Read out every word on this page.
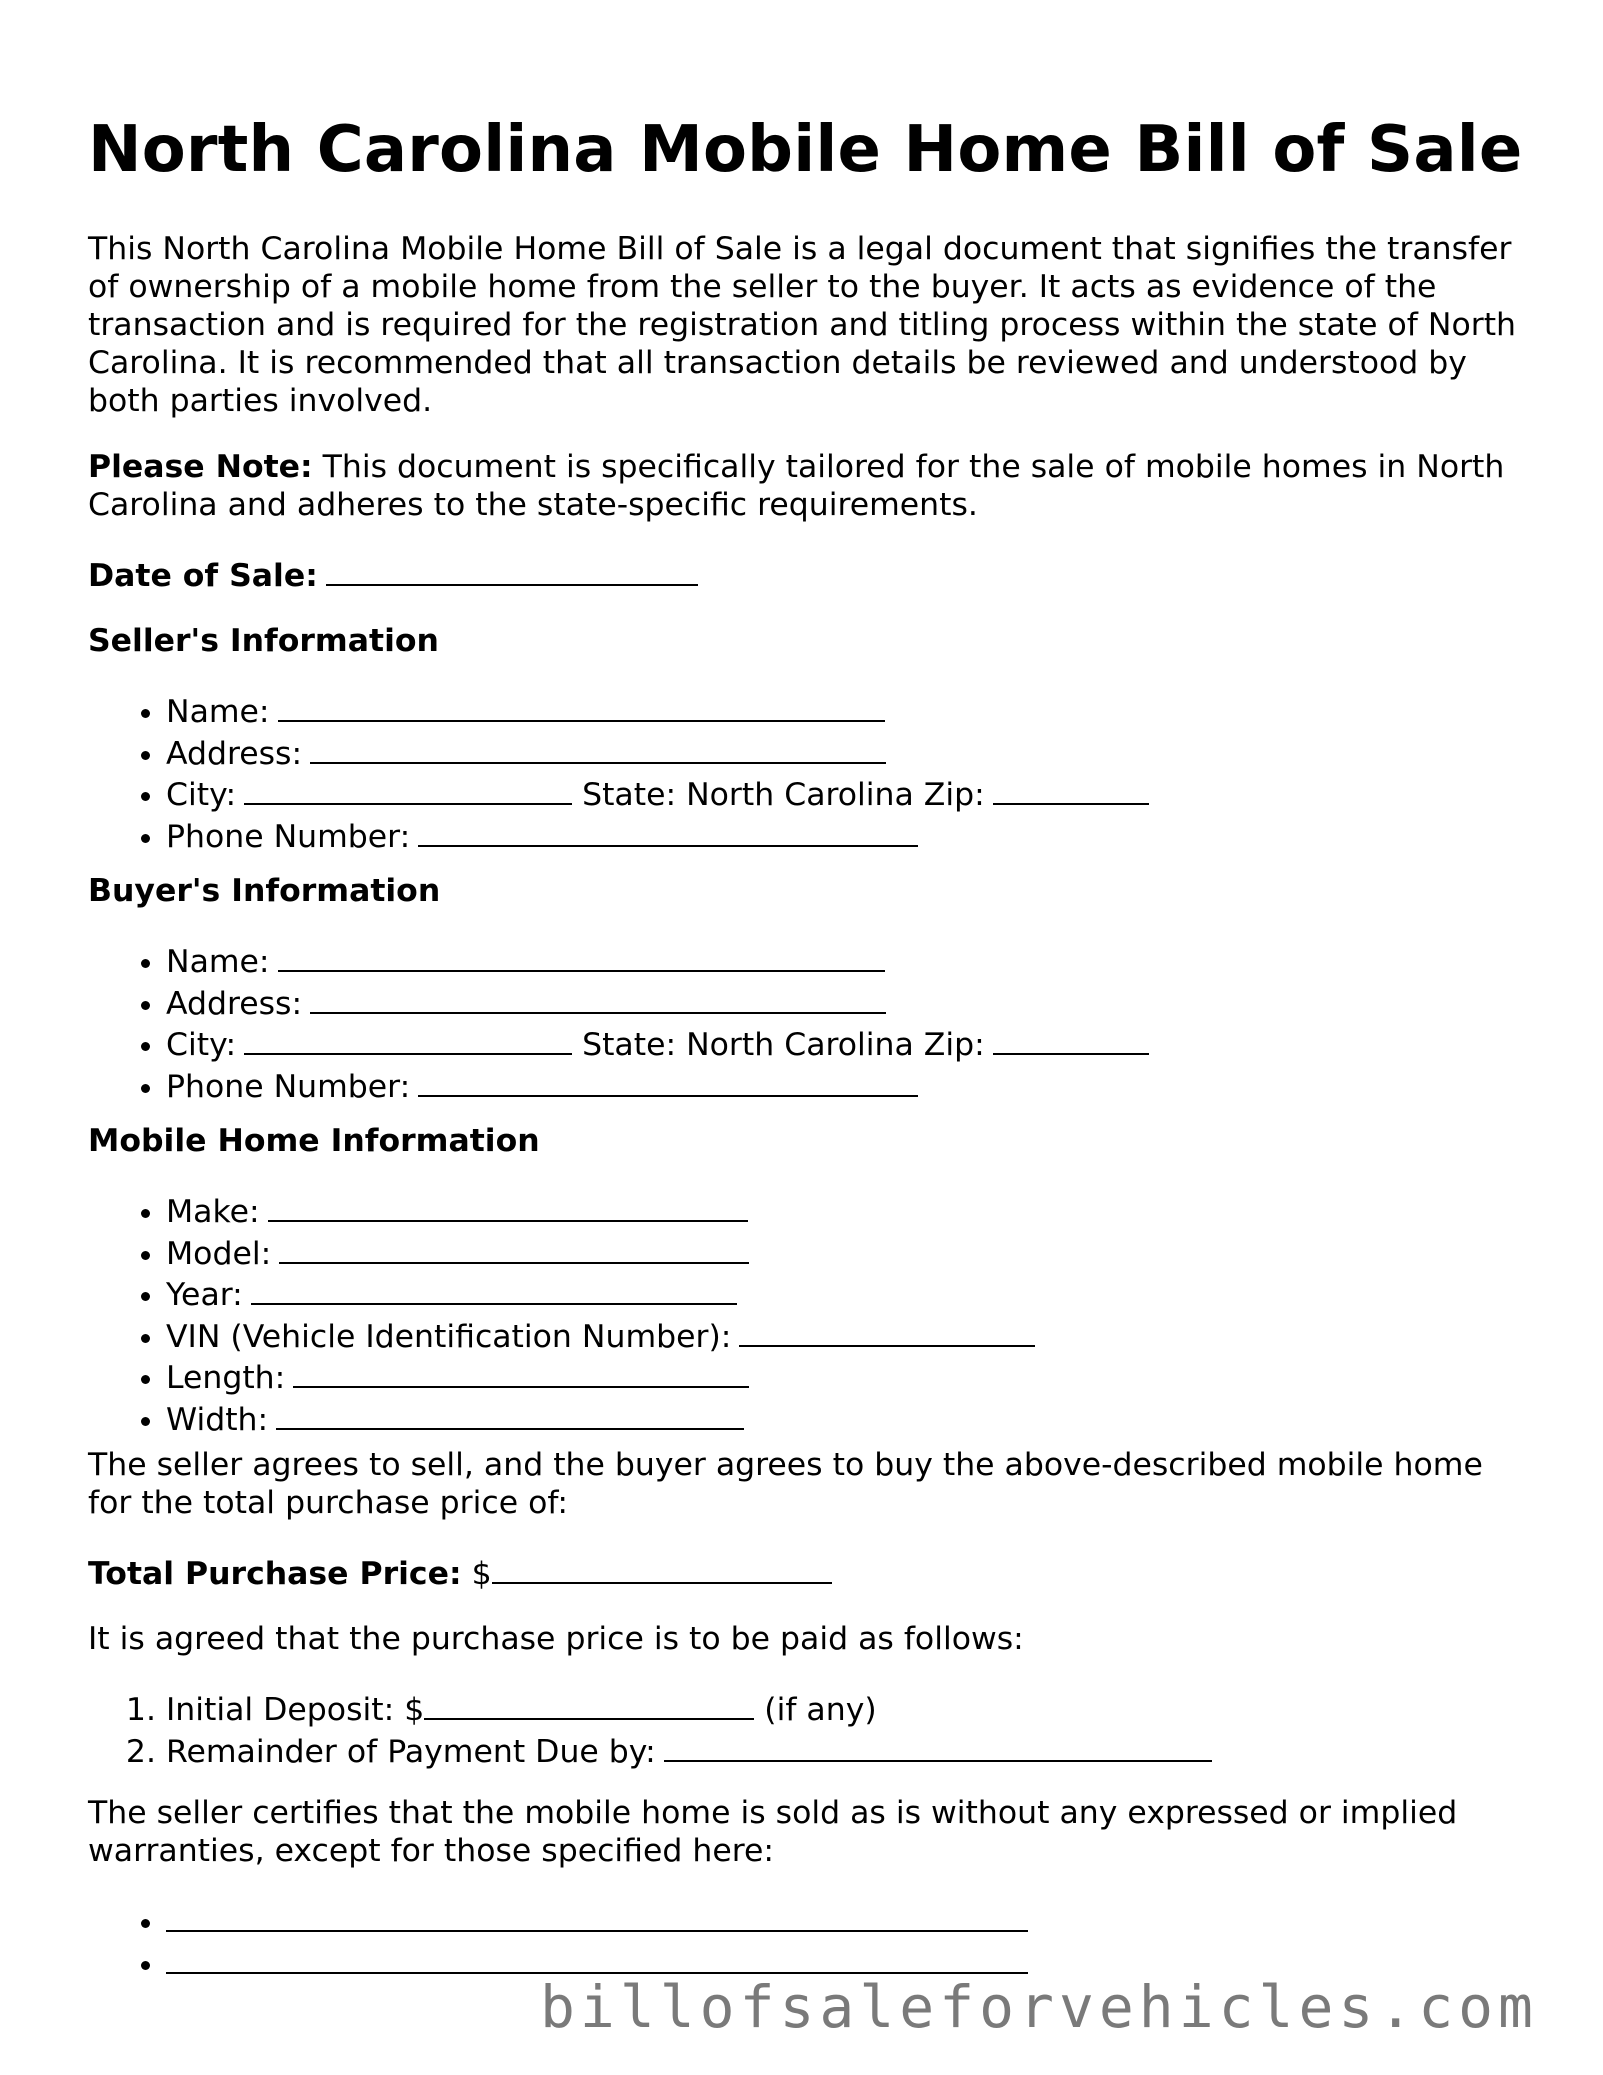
North Carolina Mobile Home Bill of Sale

This North Carolina Mobile Home Bill of Sale is a legal document that signifies the transfer of ownership of a mobile home from the seller to the buyer. It acts as evidence of the transaction and is required for the registration and titling process within the state of North Carolina. It is recommended that all transaction details be reviewed and understood by both parties involved.

Please Note: This document is specifically tailored for the sale of mobile homes in North Carolina and adheres to the state-specific requirements.

Date of Sale:

Seller's Information

• Name:
• Address:
• City:	State: North Carolina Zip:
• Phone Number:

Buyer's Information

• Name:
• Address:
• City:	State: North Carolina Zip:
• Phone Number:

Mobile Home Information

• Make:
• Model:
• Year:
• VIN (Vehicle Identification Number):
• Length:
• Width:

The seller agrees to sell, and the buyer agrees to buy the above-described mobile home for the total purchase price of:

Total Purchase Price: $

It is agreed that the purchase price is to be paid as follows:

1. Initial Deposit: $	(if any)
2. Remainder of Payment Due by:

The seller certifies that the mobile home is sold as is without any expressed or implied warranties, except for those specified here:

•
•
billofsaleforvehicles.com
